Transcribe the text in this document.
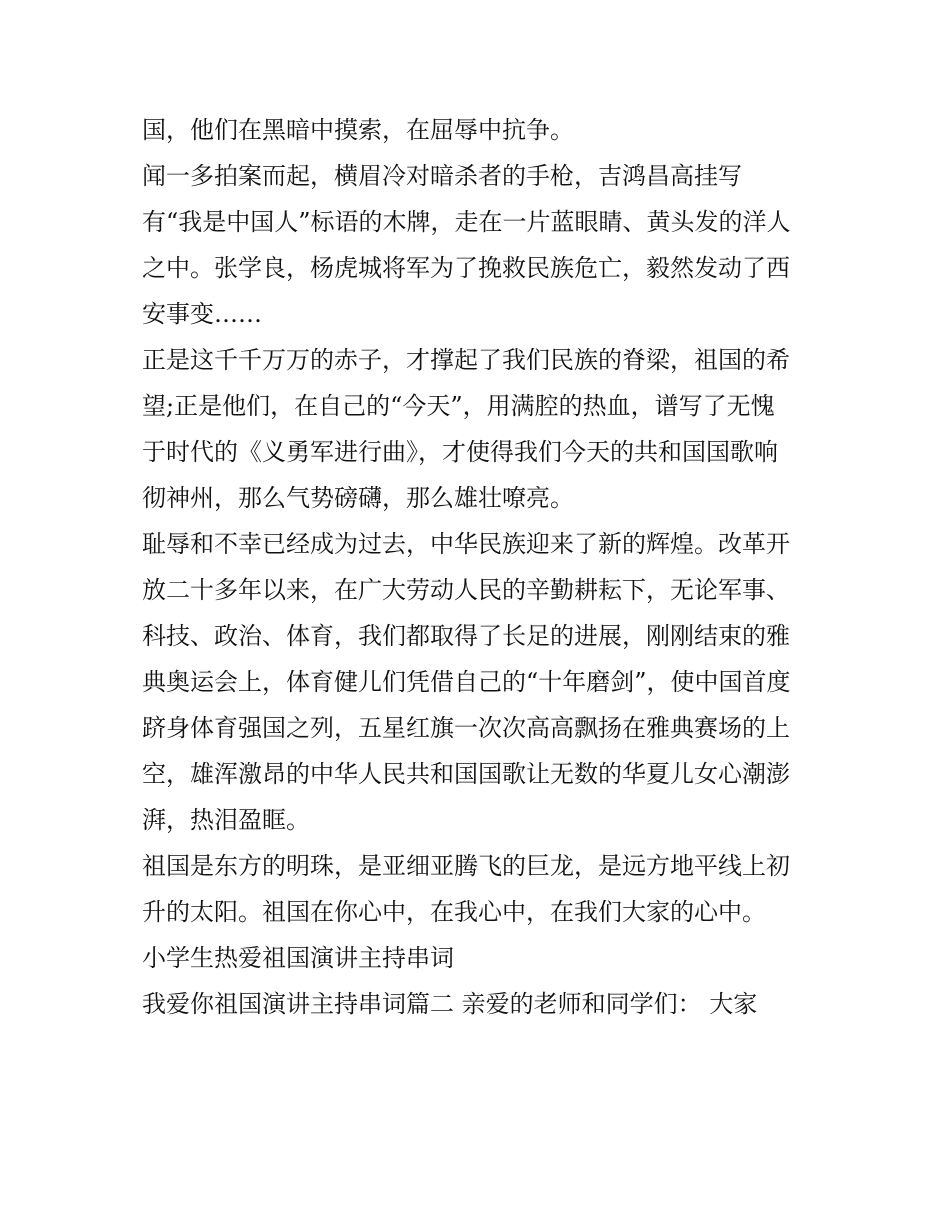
国，他们在黑暗中摸索，在屈辱中抗争。
闻一多拍案而起，横眉冷对暗杀者的手枪，吉鸿昌高挂写
有“我是中国人”标语的木牌，走在一片蓝眼睛、黄头发的洋人
之中。张学良，杨虎城将军为了挽救民族危亡，毅然发动了西
安事变……
正是这千千万万的赤子，才撑起了我们民族的脊梁，祖国的希
望;正是他们，在自己的“今天”，用满腔的热血，谱写了无愧
于时代的《义勇军进行曲》，才使得我们今天的共和国国歌响
彻神州，那么气势磅礴，那么雄壮嘹亮。
耻辱和不幸已经成为过去，中华民族迎来了新的辉煌。改革开
放二十多年以来，在广大劳动人民的辛勤耕耘下，无论军事、
科技、政治、体育，我们都取得了长足的进展，刚刚结束的雅
典奥运会上，体育健儿们凭借自己的“十年磨剑”，使中国首度
跻身体育强国之列，五星红旗一次次高高飘扬在雅典赛场的上
空，雄浑激昂的中华人民共和国国歌让无数的华夏儿女心潮澎
湃，热泪盈眶。
祖国是东方的明珠，是亚细亚腾飞的巨龙，是远方地平线上初
升的太阳。祖国在你心中，在我心中，在我们大家的心中。
小学生热爱祖国演讲主持串词
我爱你祖国演讲主持串词篇二 亲爱的老师和同学们： 大家
